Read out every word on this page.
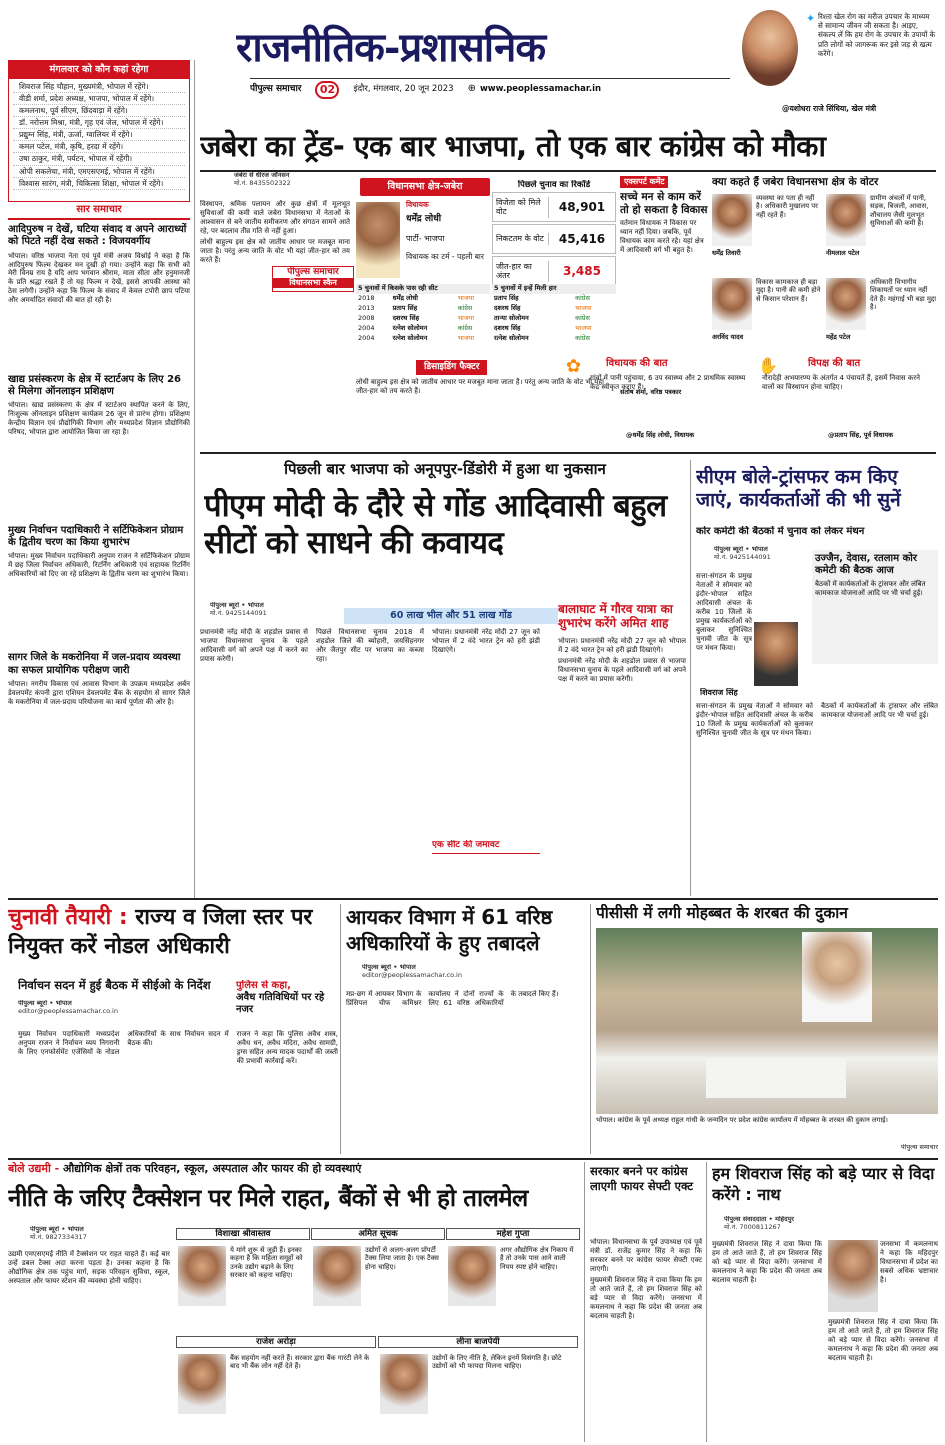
मंगलवार को कौन कहां रहेगा
शिवराज सिंह चौहान, मुख्यमंत्री, भोपाल में रहेंगे।
वीडी शर्मा, प्रदेश अध्यक्ष, भाजपा, भोपाल में रहेंगे।
कमलनाथ, पूर्व सीएम, छिंदवाड़ा में रहेंगे।
डॉ. नरोत्तम मिश्रा, मंत्री, गृह एवं जेल, भोपाल में रहेंगे।
प्रद्युम्न सिंह, मंत्री, ऊर्जा, ग्वालियर में रहेंगे।
कमल पटेल, मंत्री, कृषि, हरदा में रहेंगे।
उषा ठाकुर, मंत्री, पर्यटन, भोपाल में रहेंगी।
ओपी सकलेचा, मंत्री, एमएसएमई, भोपाल में रहेंगे।
विश्वास सारंग, मंत्री, चिकित्सा शिक्षा, भोपाल में रहेंगे।
राजनीतिक-प्रशासनिक
पीपुल्स समाचार	02	इंदौर, मंगलवार, 20 जून 2023 ⊕ www.peoplessamachar.in
✦ रिश्ता खेल रोग का मरीज उपचार के माध्यम से सामान्य जीवन जी सकता है। आइए, संकल्प लें कि हम रोग के उपचार के उपायों के प्रति लोगों को जागरूक कर इसे जड़ से खत्म करेंगे।
@यशोधरा राजे सिंधिया, खेल मंत्री
सार समाचार
आदिपुरुष न देखें, घटिया संवाद व अपने आराध्यों को पिटते नहीं देख सकते : विजयवर्गीय

भोपाल। वरिष्ठ भाजपा नेता एवं पूर्व मंत्री अजय विश्नोई ने कहा है कि आदिपुरुष फिल्म देखकर मन दुखी हो गया। उन्होंने कहा कि सभी को मेरी विनम्र राय है यदि आप भगवान श्रीराम, माता सीता और हनुमानजी के प्रति श्रद्धा रखते हैं तो यह फिल्म न देखें, इससे आपकी आस्था को ठेस लगेगी। उन्होंने कहा कि फिल्म के संवाद में केवल टपोरी छाप पटिया और अमर्यादित संवादों की बात हो रही है।

खाद्य प्रसंस्करण के क्षेत्र में स्टार्टअप के लिए 26 से मिलेगा ऑनलाइन प्रशिक्षण

भोपाल। खाद्य प्रसंस्करण के क्षेत्र में स्टार्टअप स्थापित करने के लिए, निःशुल्क ऑनलाइन प्रशिक्षण कार्यक्रम 26 जून से प्रारंभ होगा। प्रशिक्षण केन्द्रीय विज्ञान एवं प्रौद्योगिकी विभाग और मध्यप्रदेश विज्ञान प्रौद्योगिकी परिषद, भोपाल द्वारा आयोजित किया जा रहा है।

मुख्य निर्वाचन पदाधिकारी ने सर्टिफिकेशन प्रोग्राम के द्वितीय चरण का किया शुभारंभ

भोपाल। मुख्य निर्वाचन पदाधिकारी अनुपम राजन ने सर्टिफिकेशन प्रोग्राम में छह जिला निर्वाचन अधिकारी, रिटर्निंग अधिकारी एवं सहायक रिटर्निंग अधिकारियों को दिए जा रहे प्रशिक्षण के द्वितीय चरण का शुभारंभ किया।

सागर जिले के मकरोनिया में जल-प्रदाय व्यवस्था का सफल प्रायोगिक परीक्षण जारी

भोपाल। नगरीय विकास एवं आवास विभाग के उपक्रम मध्यप्रदेश अर्बन डेवलपमेंट कंपनी द्वारा एशियन डेवलपमेंट बैंक के सहयोग से सागर जिले के मकरोनिया में जल-प्रदाय परियोजना का कार्य पूर्णता की ओर है।

जबेरा का ट्रेंड- एक बार भाजपा, तो एक बार कांग्रेस को मौका
जबेरा से धीरज जॉनसन
मो.नं. 8435502322	विधानसभा क्षेत्र-जबेरा

विस्थापन, श्रमिक पलायन और कुछ क्षेत्रों में मूलभूत सुविधाओं की कमी वाले जबेरा विधानसभा में नेताओं के आश्वासन से बने जातीय समीकरण और संगठन सामने आते रहे, पर बदलाव तीव्र गति से नहीं हुआ।

लोधी बाहुल्य इस क्षेत्र को जातीय आधार पर मजबूत माना जाता है। परंतु अन्य जाति के वोट भी यहां जीत-हार को तय करते हैं।

पीपुल्स समाचार
विधानसभा स्कैन
विधायक
धर्मेंद्र लोधी
पार्टी- भाजपा
विधायक का टर्म - पहली बार
पिछले चुनाव का रिकॉर्ड
विजेता को मिले वोट	48,901
निकटतम के वोट	45,416
जीत-हार का अंतर	3,485
5 चुनावों में किसके पास रही सीट
2018	धर्मेंद्र लोधी	भाजपा
2013	प्रताप सिंह	कांग्रेस
2008	दशरथ सिंह	भाजपा
2004	रत्नेश सोलोमन	कांग्रेस
2004	रत्नेश सोलोमन	भाजपा
5 चुनावों में इन्हें मिली हार
प्रताप सिंह	कांग्रेस
दशरथ सिंह	भाजपा
तान्या सोलोमन	कांग्रेस
दशरथ सिंह	भाजपा
रत्नेश सोलोमन	कांग्रेस
डिसाइडिंग फैक्टर
लोधी बाहुल्य इस क्षेत्र को जातीय आधार पर मजबूत माना जाता है। परंतु अन्य जाति के वोट भी यहां जीत-हार को तय करते हैं।
एक्सपर्ट कमेंट
सच्चे मन से काम करें तो हो सकता है विकास
वर्तमान विधायक ने विकास पर ध्यान नहीं दिया। जबकि, पूर्व विधायक काम करते रहे। यहां क्षेत्र में आदिवासी वर्ग भी बहुत है।
संतोष शर्मा, वरिष्ठ पत्रकार
क्या कहते हैं जबेरा विधानसभा क्षेत्र के वोटर
व्यवस्था का पता ही नहीं है। अधिकारी मुखालय पर नहीं रहते हैं।
धर्मेंद्र तिवारी
ग्रामीण अंचलों में पानी, सड़क, बिजली, आवास, शौचालय जैसी मूलभूत सुविधाओं की कमी है।
नीमलाल पटेल
विकास कामकाज ही बड़ा मुद्दा है। पानी की कमी होने से किसान परेशान हैं।
अरविंद यादव
अधिकारी विभागीय शिकायतों पर ध्यान नहीं देते हैं। महंगाई भी बड़ा मुद्दा है।
महेंद्र पटेल
✿ विधायक की बात
गांवों में पानी पहुंचाया, 6 उप स्वास्थ्य और 2 प्राथमिक स्वास्थ्य केंद्र स्वीकृत कराए हैं।
@धर्मेंद्र सिंह लोधी, विधायक
✋	विपक्ष की बात
नौरादेही अभयारण्य के अंतर्गत 4 पंचायतें हैं, इसमें निवास करने वालों का विस्थापन होना चाहिए।
@प्रताप सिंह, पूर्व विधायक
पिछली बार भाजपा को अनूपपुर-डिंडोरी में हुआ था नुकसान
पीएम मोदी के दौरे से गोंड आदिवासी बहुल सीटों को साधने की कवायद
पीपुल्स ब्यूरो • भोपाल
मो.नं. 9425144091	60 लाख भील और 51 लाख गोंड

प्रधानमंत्री नरेंद्र मोदी के शहडोल प्रवास से भाजपा विधानसभा चुनाव के पहले आदिवासी वर्ग को अपने पक्ष में करने का प्रयास करेगी।

पिछले विधानसभा चुनाव 2018 में शहडोल जिले की ब्योहारी, जयसिंहनगर और जैतपुर सीट पर भाजपा का कब्जा रहा।

भोपाल। प्रधानमंत्री नरेंद्र मोदी 27 जून को भोपाल में 2 वंदे भारत ट्रेन को हरी झंडी दिखाएंगे।

एक सीट की जमावट
बालाघाट में गौरव यात्रा का शुभारंभ करेंगे अमित शाह

भोपाल। प्रधानमंत्री नरेंद्र मोदी 27 जून को भोपाल में 2 वंदे भारत ट्रेन को हरी झंडी दिखाएंगे।

प्रधानमंत्री नरेंद्र मोदी के शहडोल प्रवास से भाजपा विधानसभा चुनाव के पहले आदिवासी वर्ग को अपने पक्ष में करने का प्रयास करेगी।

सीएम बोले-ट्रांसफर कम किए जाएं, कार्यकर्ताओं की भी सुनें
कोर कमेटी की बैठकों में चुनाव को लेकर मंथन
पीपुल्स ब्यूरो • भोपाल
मो.नं. 9425144091	उज्जैन, देवास, रतलाम कोर कमेटी की बैठक आज
बैठकों में कार्यकर्ताओं के ट्रांसफर और लंबित कामकाज योजनाओं आदि पर भी चर्चा हुई।
शिवराज सिंह

सत्ता-संगठन के प्रमुख नेताओं ने सोमवार को इंदौर-भोपाल सहित आदिवासी अंचल के करीब 10 जिलों के प्रमुख कार्यकर्ताओं को बुलाकर सुनिश्चित चुनावी जीत के सूत्र पर मंथन किया।

सत्ता-संगठन के प्रमुख नेताओं ने सोमवार को इंदौर-भोपाल सहित आदिवासी अंचल के करीब 10 जिलों के प्रमुख कार्यकर्ताओं को बुलाकर सुनिश्चित चुनावी जीत के सूत्र पर मंथन किया।

बैठकों में कार्यकर्ताओं के ट्रांसफर और लंबित कामकाज योजनाओं आदि पर भी चर्चा हुई।

चुनावी तैयारी : राज्य व जिला स्तर पर नियुक्त करें नोडल अधिकारी
निर्वाचन सदन में हुई बैठक में सीईओ के निर्देश
पीपुल्स ब्यूरो • भोपाल
editor@peoplessamachar.co.in

मुख्य निर्वाचन पदाधिकारी मध्यप्रदेश अनुपम राजन ने निर्वाचन व्यय निगरानी के लिए एनफोर्समेंट एजेंसियों के नोडल अधिकारियों के साथ निर्वाचन सदन में बैठक की।

राजन ने कहा कि पुलिस अवैध शस्त्र, अवैध धन, अवैध मदिरा, अवैध सामग्री, ड्रग्स सहित अन्य मादक पदार्थों की जब्ती की प्रभावी कार्रवाई करें।

पुलिस से कहा,
अवैध गतिविधियों पर रहे नजर
आयकर विभाग में 61 वरिष्ठ अधिकारियों के हुए तबादले
पीपुल्स ब्यूरो • भोपाल
editor@peoplessamachar.co.in

मप्र-छग में आयकर विभाग के प्रिंसिपल चीफ कमिश्नर कार्यालय ने दोनों राज्यों के लिए 61 वरिष्ठ अधिकारियों के तबादले किए हैं।

पीसीसी में लगी मोहब्बत के शरबत की दुकान
भोपाल। कांग्रेस के पूर्व अध्यक्ष राहुल गांधी के जन्मदिन पर प्रदेश कांग्रेस कार्यालय में मोहब्बत के शरबत की दुकान लगाई।
पीपुल्स समाचार
बोले उद्यमी - औद्योगिक क्षेत्रों तक परिवहन, स्कूल, अस्पताल और फायर की हो व्यवस्थाएं
नीति के जरिए टैक्सेशन पर मिले राहत, बैंकों से भी हो तालमेल
पीपुल्स ब्यूरो • भोपाल
मो.नं. 9827334317

उद्यमी एमएसएमई नीति में टैक्सेशन पर राहत चाहते हैं। कई बार उन्हें डबल टैक्स अदा करना पड़ता है। उनका कहना है कि औद्योगिक क्षेत्र तक पहुंच मार्ग, सड़क परिवहन सुविधा, स्कूल, अस्पताल और फायर स्टेशन की व्यवस्था होनी चाहिए।

विशाखा श्रीवास्तव
ये मांगे शुरू से जुड़ी हैं। इनका कहना है कि महिला समूहों को उनके उद्योग बढ़ाने के लिए सरकार को कहना चाहिए।
अमित सूचक
उद्योगों से अलग-अलग प्रॉपर्टी टैक्स लिया जाता है। एक टैक्स होना चाहिए।
महेश गुप्ता
अगर औद्योगिक क्षेत्र निकाय में है तो उनके पास आने वाली नियम स्पष्ट होने चाहिए।
राजेश अरोड़ा
बैंक सहयोग नहीं करते हैं। सरकार द्वारा बैंक गारंटी लेने के बाद भी बैंक लोन नहीं देते हैं।
लीना बाजपेयी
उद्योगों के लिए नीति है, लेकिन इनमें विसंगति है। छोटे उद्योगों को भी फायदा मिलना चाहिए।
सरकार बनने पर कांग्रेस लाएगी फायर सेफ्टी एक्ट

भोपाल। विधानसभा के पूर्व उपाध्यक्ष एवं पूर्व मंत्री डॉ. राजेंद्र कुमार सिंह ने कहा कि सरकार बनने पर कांग्रेस फायर सेफ्टी एक्ट लाएगी।

मुख्यमंत्री शिवराज सिंह ने दावा किया कि हम तो आते जाते हैं, तो हम शिवराज सिंह को बड़े प्यार से विदा करेंगे। जनसभा में कमलनाथ ने कहा कि प्रदेश की जनता अब बदलाव चाहती है।

हम शिवराज सिंह को बड़े प्यार से विदा करेंगे : नाथ
पीपुल्स संवाददाता • महिदपुर
मो.नं. 7000811267

मुख्यमंत्री शिवराज सिंह ने दावा किया कि हम तो आते जाते हैं, तो हम शिवराज सिंह को बड़े प्यार से विदा करेंगे। जनसभा में कमलनाथ ने कहा कि प्रदेश की जनता अब बदलाव चाहती है।

जनसभा में कमलनाथ ने कहा कि महिदपुर विधानसभा में प्रदेश का सबसे अधिक भ्रष्टाचार है।

मुख्यमंत्री शिवराज सिंह ने दावा किया कि हम तो आते जाते हैं, तो हम शिवराज सिंह को बड़े प्यार से विदा करेंगे। जनसभा में कमलनाथ ने कहा कि प्रदेश की जनता अब बदलाव चाहती है।
